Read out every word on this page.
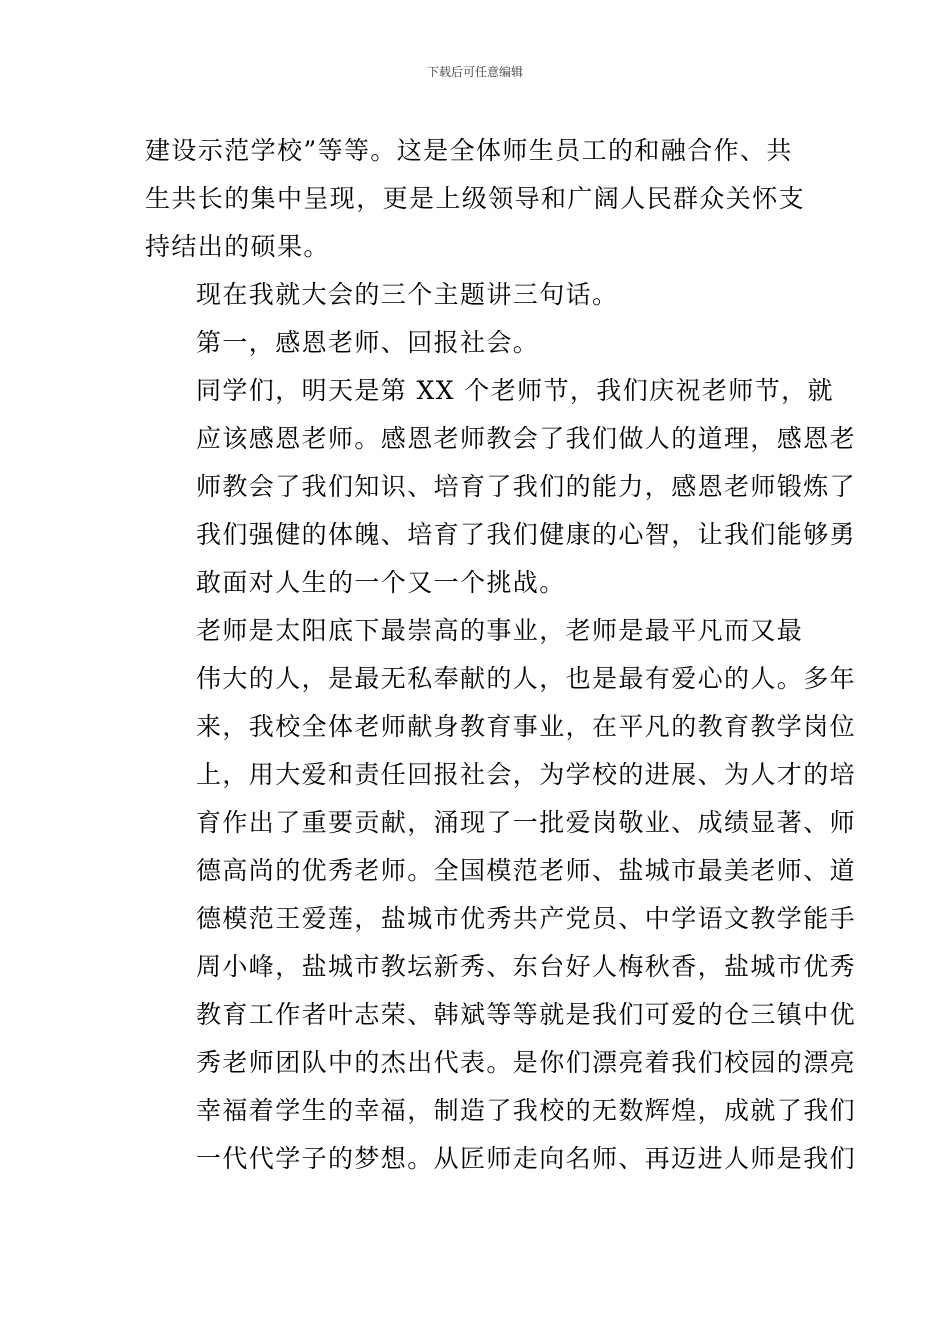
下载后可任意编辑

建设示范学校”等等。这是全体师生员工的和融合作、共
生共长的集中呈现，更是上级领导和广阔人民群众关怀支
持结出的硕果。

现在我就大会的三个主题讲三句话。

第一，感恩老师、回报社会。

同学们，明天是第 XX 个老师节，我们庆祝老师节，就
应该感恩老师。感恩老师教会了我们做人的道理，感恩老
师教会了我们知识、培育了我们的能力，感恩老师锻炼了
我们强健的体魄、培育了我们健康的心智，让我们能够勇
敢面对人生的一个又一个挑战。

老师是太阳底下最崇高的事业，老师是最平凡而又最
伟大的人，是最无私奉献的人，也是最有爱心的人。多年
来，我校全体老师献身教育事业，在平凡的教育教学岗位
上，用大爱和责任回报社会，为学校的进展、为人才的培
育作出了重要贡献，涌现了一批爱岗敬业、成绩显著、师
德高尚的优秀老师。全国模范老师、盐城市最美老师、道
德模范王爱莲，盐城市优秀共产党员、中学语文教学能手
周小峰，盐城市教坛新秀、东台好人梅秋香，盐城市优秀
教育工作者叶志荣、韩斌等等就是我们可爱的仓三镇中优
秀老师团队中的杰出代表。是你们漂亮着我们校园的漂亮
幸福着学生的幸福，制造了我校的无数辉煌，成就了我们
一代代学子的梦想。从匠师走向名师、再迈进人师是我们
